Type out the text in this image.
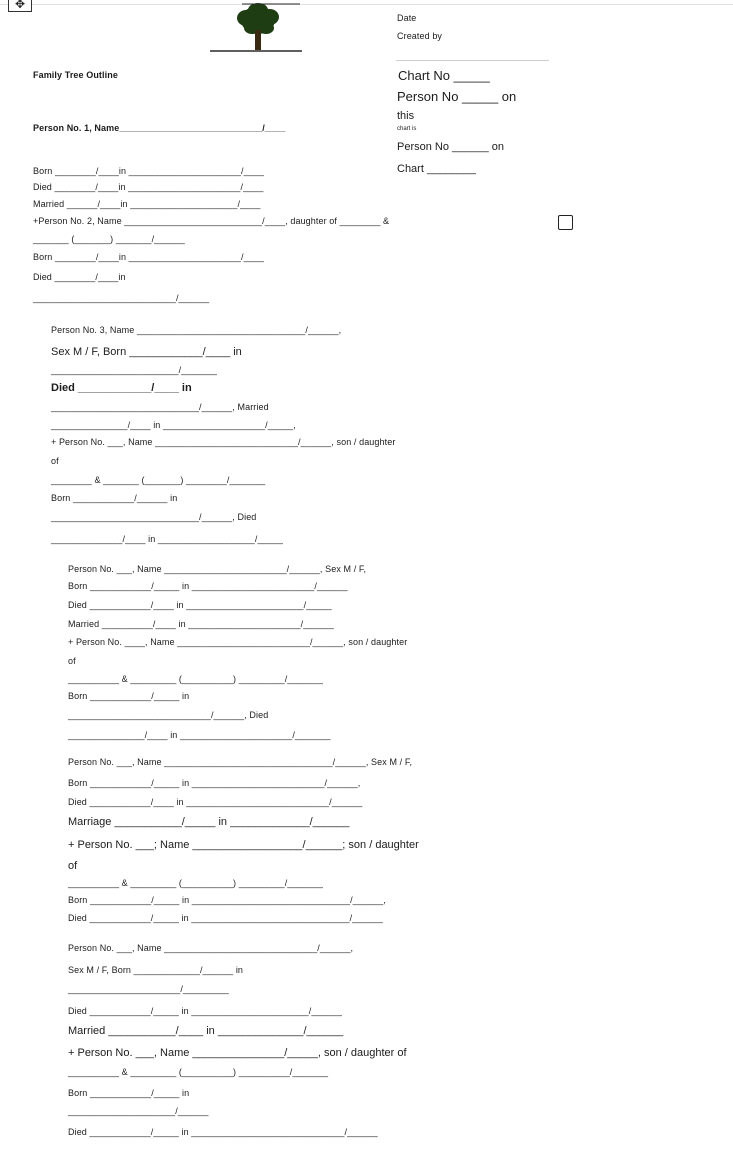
✥
Date
Created by
Family Tree Outline	Chart No _____
Person No _____ on
this
chart is
Person No ______ on
Chart ________
Person No. 1, Name____________________________/____
Born ________/____in ______________________/____
Died ________/____in ______________________/____
Married ______/____in _____________________/____
+Person No. 2, Name ___________________________/____, daughter of ________ &
_______ (_______) _______/______
Born ________/____in ______________________/____
Died ________/____in
____________________________/______
Person No. 3, Name _________________________________/______,
Sex M / F, Born ____________/____ in
_________________________/_______
Died ____________/____ in
_____________________________/______, Married
_______________/____ in ____________________/_____,
+ Person No. ___, Name ____________________________/______, son / daughter
of
________ & _______ (_______) ________/_______
Born ____________/______ in
_____________________________/______, Died
______________/____ in ___________________/_____
Person No. ___, Name ________________________/______, Sex M / F,
Born ____________/_____ in ________________________/______
Died ____________/____ in _______________________/_____
Married __________/____ in ______________________/______
+ Person No. ____, Name __________________________/______, son / daughter
of
__________ & _________ (__________) _________/_______
Born ____________/_____ in
____________________________/______, Died
_______________/____ in ______________________/_______
Person No. ___, Name _________________________________/______, Sex M / F,
Born ____________/_____ in __________________________/______,
Died ____________/____ in ____________________________/______
Marriage ___________/_____ in _____________/______
+ Person No. ___; Name __________________/______; son / daughter
of
__________ & _________ (__________) _________/_______
Born ____________/_____ in _______________________________/______,
Died ____________/_____ in _______________________________/______
Person No. ___, Name ______________________________/______,
Sex M / F, Born _____________/______ in
______________________/_________
Died ____________/_____ in _______________________/______
Married ___________/____ in ______________/______
+ Person No. ___, Name _______________/_____, son / daughter of
__________ & _________ (__________) __________/_______
Born ____________/_____ in
_____________________/______
Died ____________/_____ in ______________________________/______
